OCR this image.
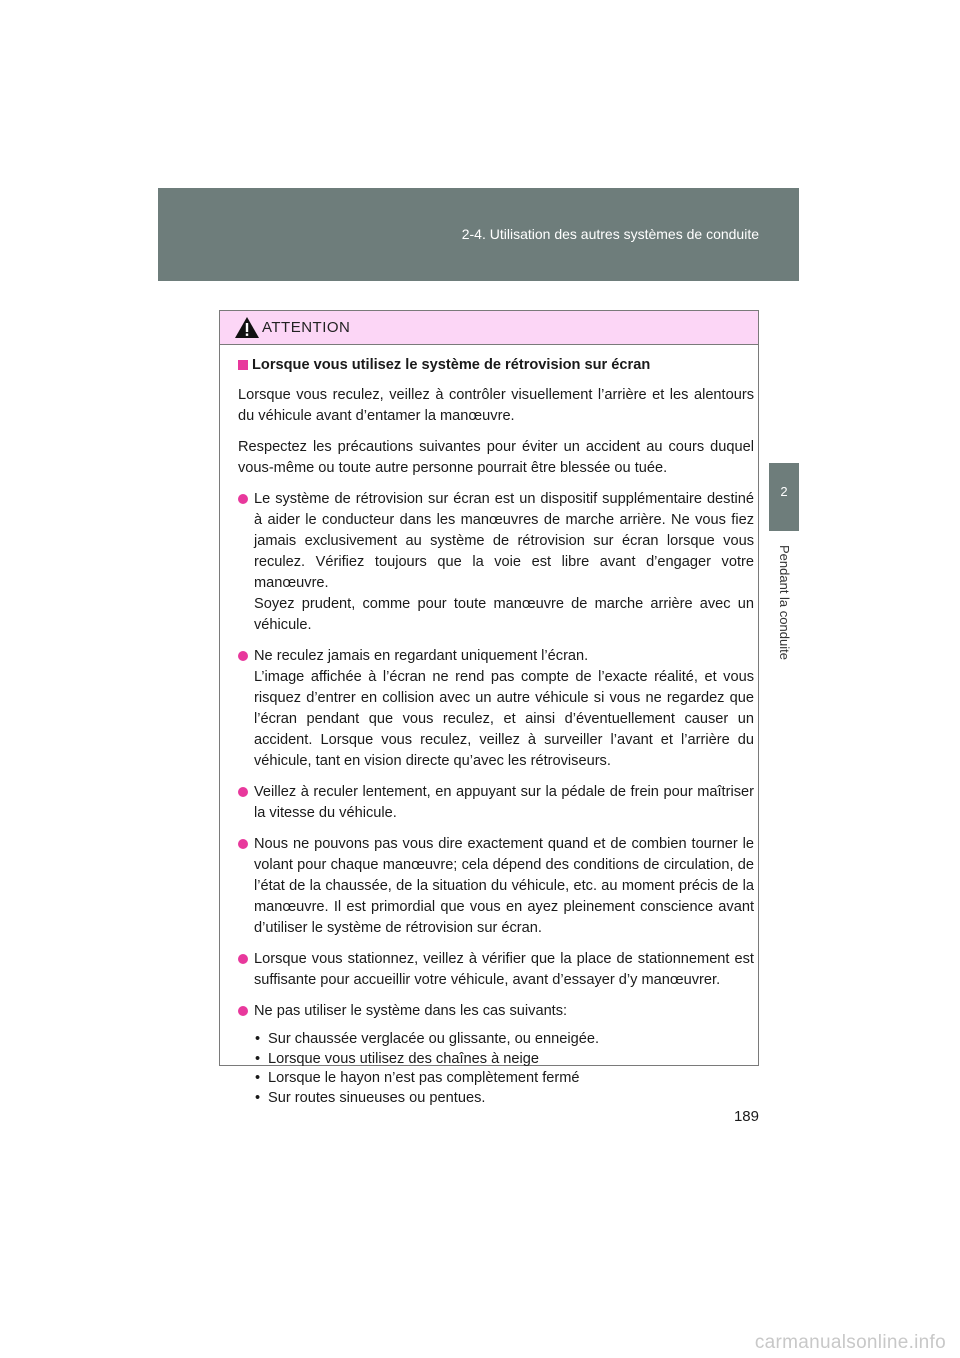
2-4. Utilisation des autres systèmes de conduite
2
Pendant la conduite
ATTENTION
Lorsque vous utilisez le système de rétrovision sur écran
Lorsque vous reculez, veillez à contrôler visuellement l’arrière et les alentours du véhicule avant d’entamer la manœuvre.
Respectez les précautions suivantes pour éviter un accident au cours duquel vous-même ou toute autre personne pourrait être blessée ou tuée.

Le système de rétrovision sur écran est un dispositif supplémentaire destiné à aider le conducteur dans les manœuvres de marche arrière. Ne vous fiez jamais exclusivement au système de rétrovision sur écran lorsque vous reculez. Vérifiez toujours que la voie est libre avant d’engager votre manœuvre.

Soyez prudent, comme pour toute manœuvre de marche arrière avec un véhicule.

Ne reculez jamais en regardant uniquement l’écran.

L’image affichée à l’écran ne rend pas compte de l’exacte réalité, et vous risquez d’entrer en collision avec un autre véhicule si vous ne regardez que l’écran pendant que vous reculez, et ainsi d’éventuellement causer un accident. Lorsque vous reculez, veillez à surveiller l’avant et l’arrière du véhicule, tant en vision directe qu’avec les rétroviseurs.

Veillez à reculer lentement, en appuyant sur la pédale de frein pour maîtriser la vitesse du véhicule.

Nous ne pouvons pas vous dire exactement quand et de combien tourner le volant pour chaque manœuvre; cela dépend des conditions de circulation, de l’état de la chaussée, de la situation du véhicule, etc. au moment précis de la manœuvre. Il est primordial que vous en ayez pleinement conscience avant d’utiliser le système de rétrovision sur écran.

Lorsque vous stationnez, veillez à vérifier que la place de stationnement est suffisante pour accueillir votre véhicule, avant d’essayer d’y manœuvrer.

Ne pas utiliser le système dans les cas suivants:

• Sur chaussée verglacée ou glissante, ou enneigée.
• Lorsque vous utilisez des chaînes à neige
• Lorsque le hayon n’est pas complètement fermé
• Sur routes sinueuses ou pentues.
189
carmanualsonline.info
